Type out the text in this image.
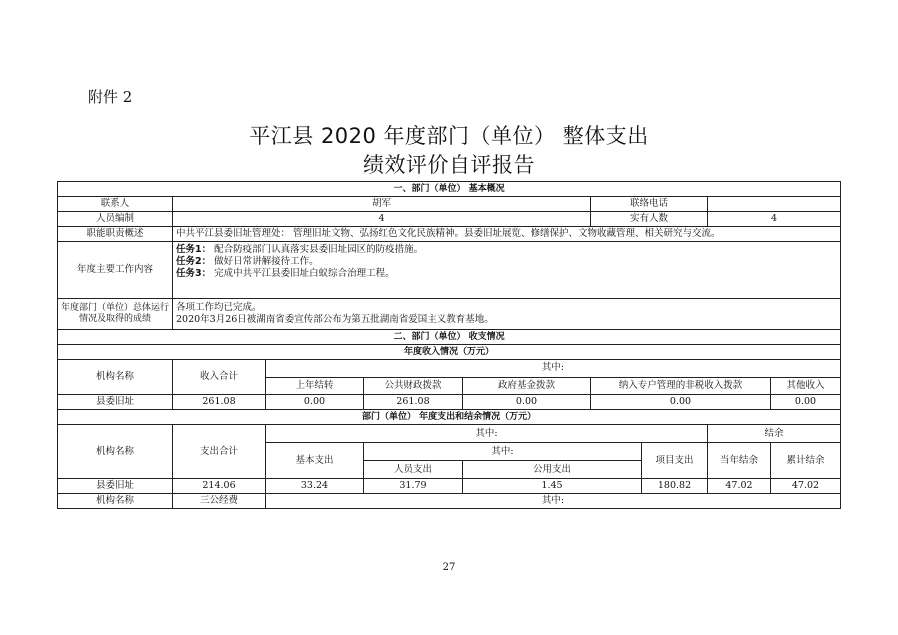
附件 2
平江县 2020 年度部门（单位） 整体支出
绩效评价自评报告
一、部门（单位） 基本概况								
联系人	胡军				联络电话			
人员编制	4				实有人数		4	
职能职责概述	中共平江县委旧址管理处： 管理旧址文物、弘扬红色文化民族精神。县委旧址展览、修缮保护、文物收藏管理、相关研究与交流。							
年度主要工作内容	任务1： 配合防疫部门认真落实县委旧址园区的防疫措施。
任务2： 做好日常讲解接待工作。
任务3： 完成中共平江县委旧址白蚁综合治理工程。							

年度部门（单位）总体运行情况及取得的成绩	各项工作均已完成。
2020年3月26日被湖南省委宣传部公布为第五批湖南省爱国主义教育基地。							

二、部门（单位） 收支情况								
年度收入情况（万元）								
机构名称	收入合计	其中:						
		上年结转	公共财政拨款	政府基金拨款	纳入专户管理的非税收入拨款			其他收入
县委旧址	261.08	0.00	261.08	0.00	0.00			0.00
部门（单位） 年度支出和结余情况（万元）								
机构名称	支出合计	其中:					结余	
		基本支出	其中:			项目支出	当年结余	累计结余
			人员支出	公用支出				
县委旧址	214.06	33.24	31.79	1.45		180.82	47.02	47.02
机构名称	三公经费	其中:						
27
